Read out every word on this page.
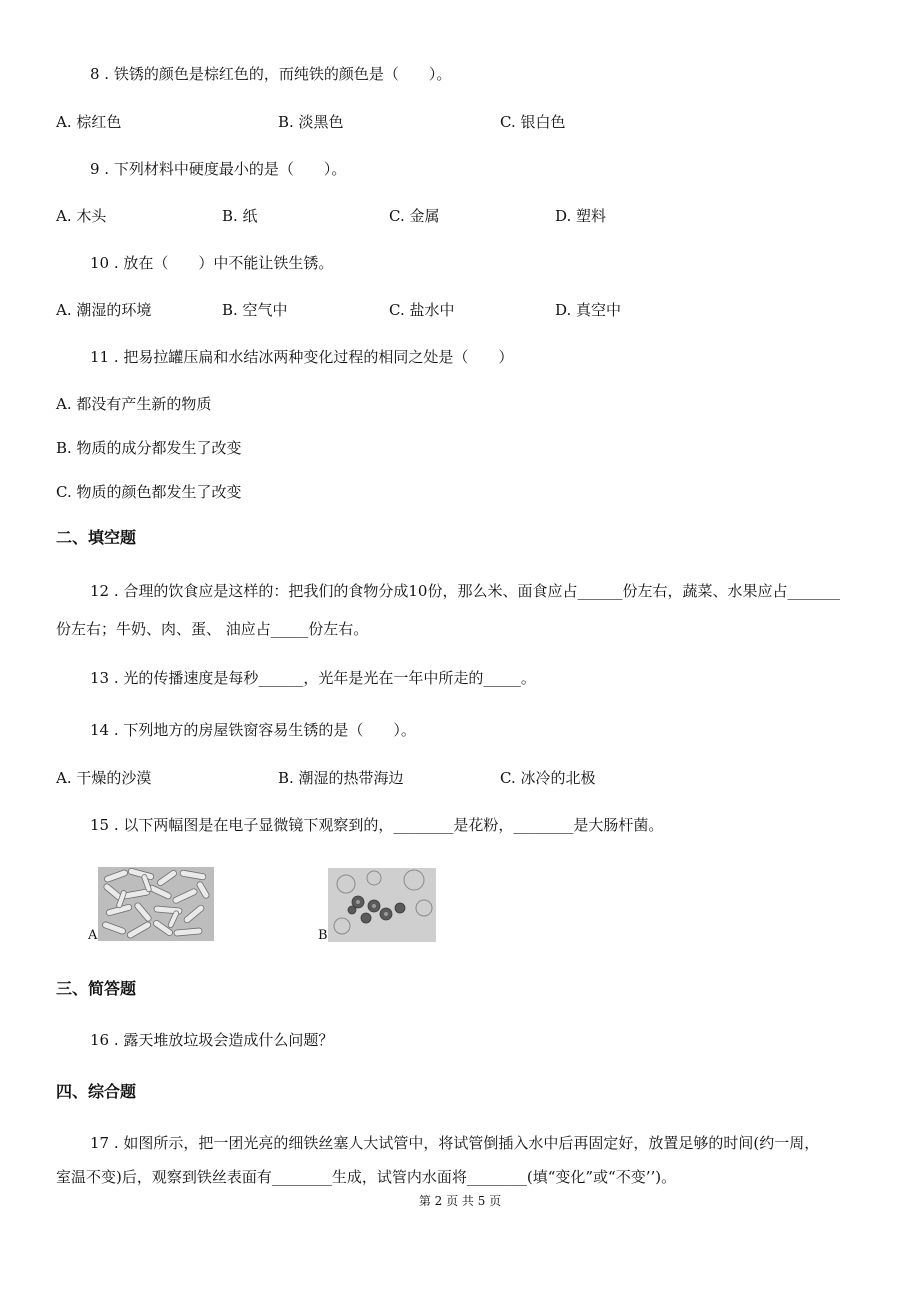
8 . 铁锈的颜色是棕红色的，而纯铁的颜色是（　　）。
A. 棕红色	B. 淡黑色	C. 银白色
9 . 下列材料中硬度最小的是（　　）。
A. 木头	B. 纸	C. 金属	D. 塑料
10 . 放在（　　）中不能让铁生锈。
A. 潮湿的环境	B. 空气中	C. 盐水中	D. 真空中
11 . 把易拉罐压扁和水结冰两种变化过程的相同之处是（　　）
A. 都没有产生新的物质
B. 物质的成分都发生了改变
C. 物质的颜色都发生了改变
二、填空题
12 . 合理的饮食应是这样的：把我们的食物分成10份，那么米、面食应占______份左右，蔬菜、水果应占_______
份左右；牛奶、肉、蛋、 油应占_____份左右。
13 . 光的传播速度是每秒______，光年是光在一年中所走的_____。
14 . 下列地方的房屋铁窗容易生锈的是（　　）。
A. 干燥的沙漠	B. 潮湿的热带海边	C. 冰冷的北极
15 . 以下两幅图是在电子显微镜下观察到的，________是花粉，________是大肠杆菌。
A	B
三、简答题
16 . 露天堆放垃圾会造成什么问题？
四、综合题
17 . 如图所示，把一团光亮的细铁丝塞人大试管中，将试管倒插入水中后再固定好，放置足够的时间(约一周，
室温不变)后，观察到铁丝表面有________生成，试管内水面将________(填“变化”或“不变’’)。
第 2 页 共 5 页
